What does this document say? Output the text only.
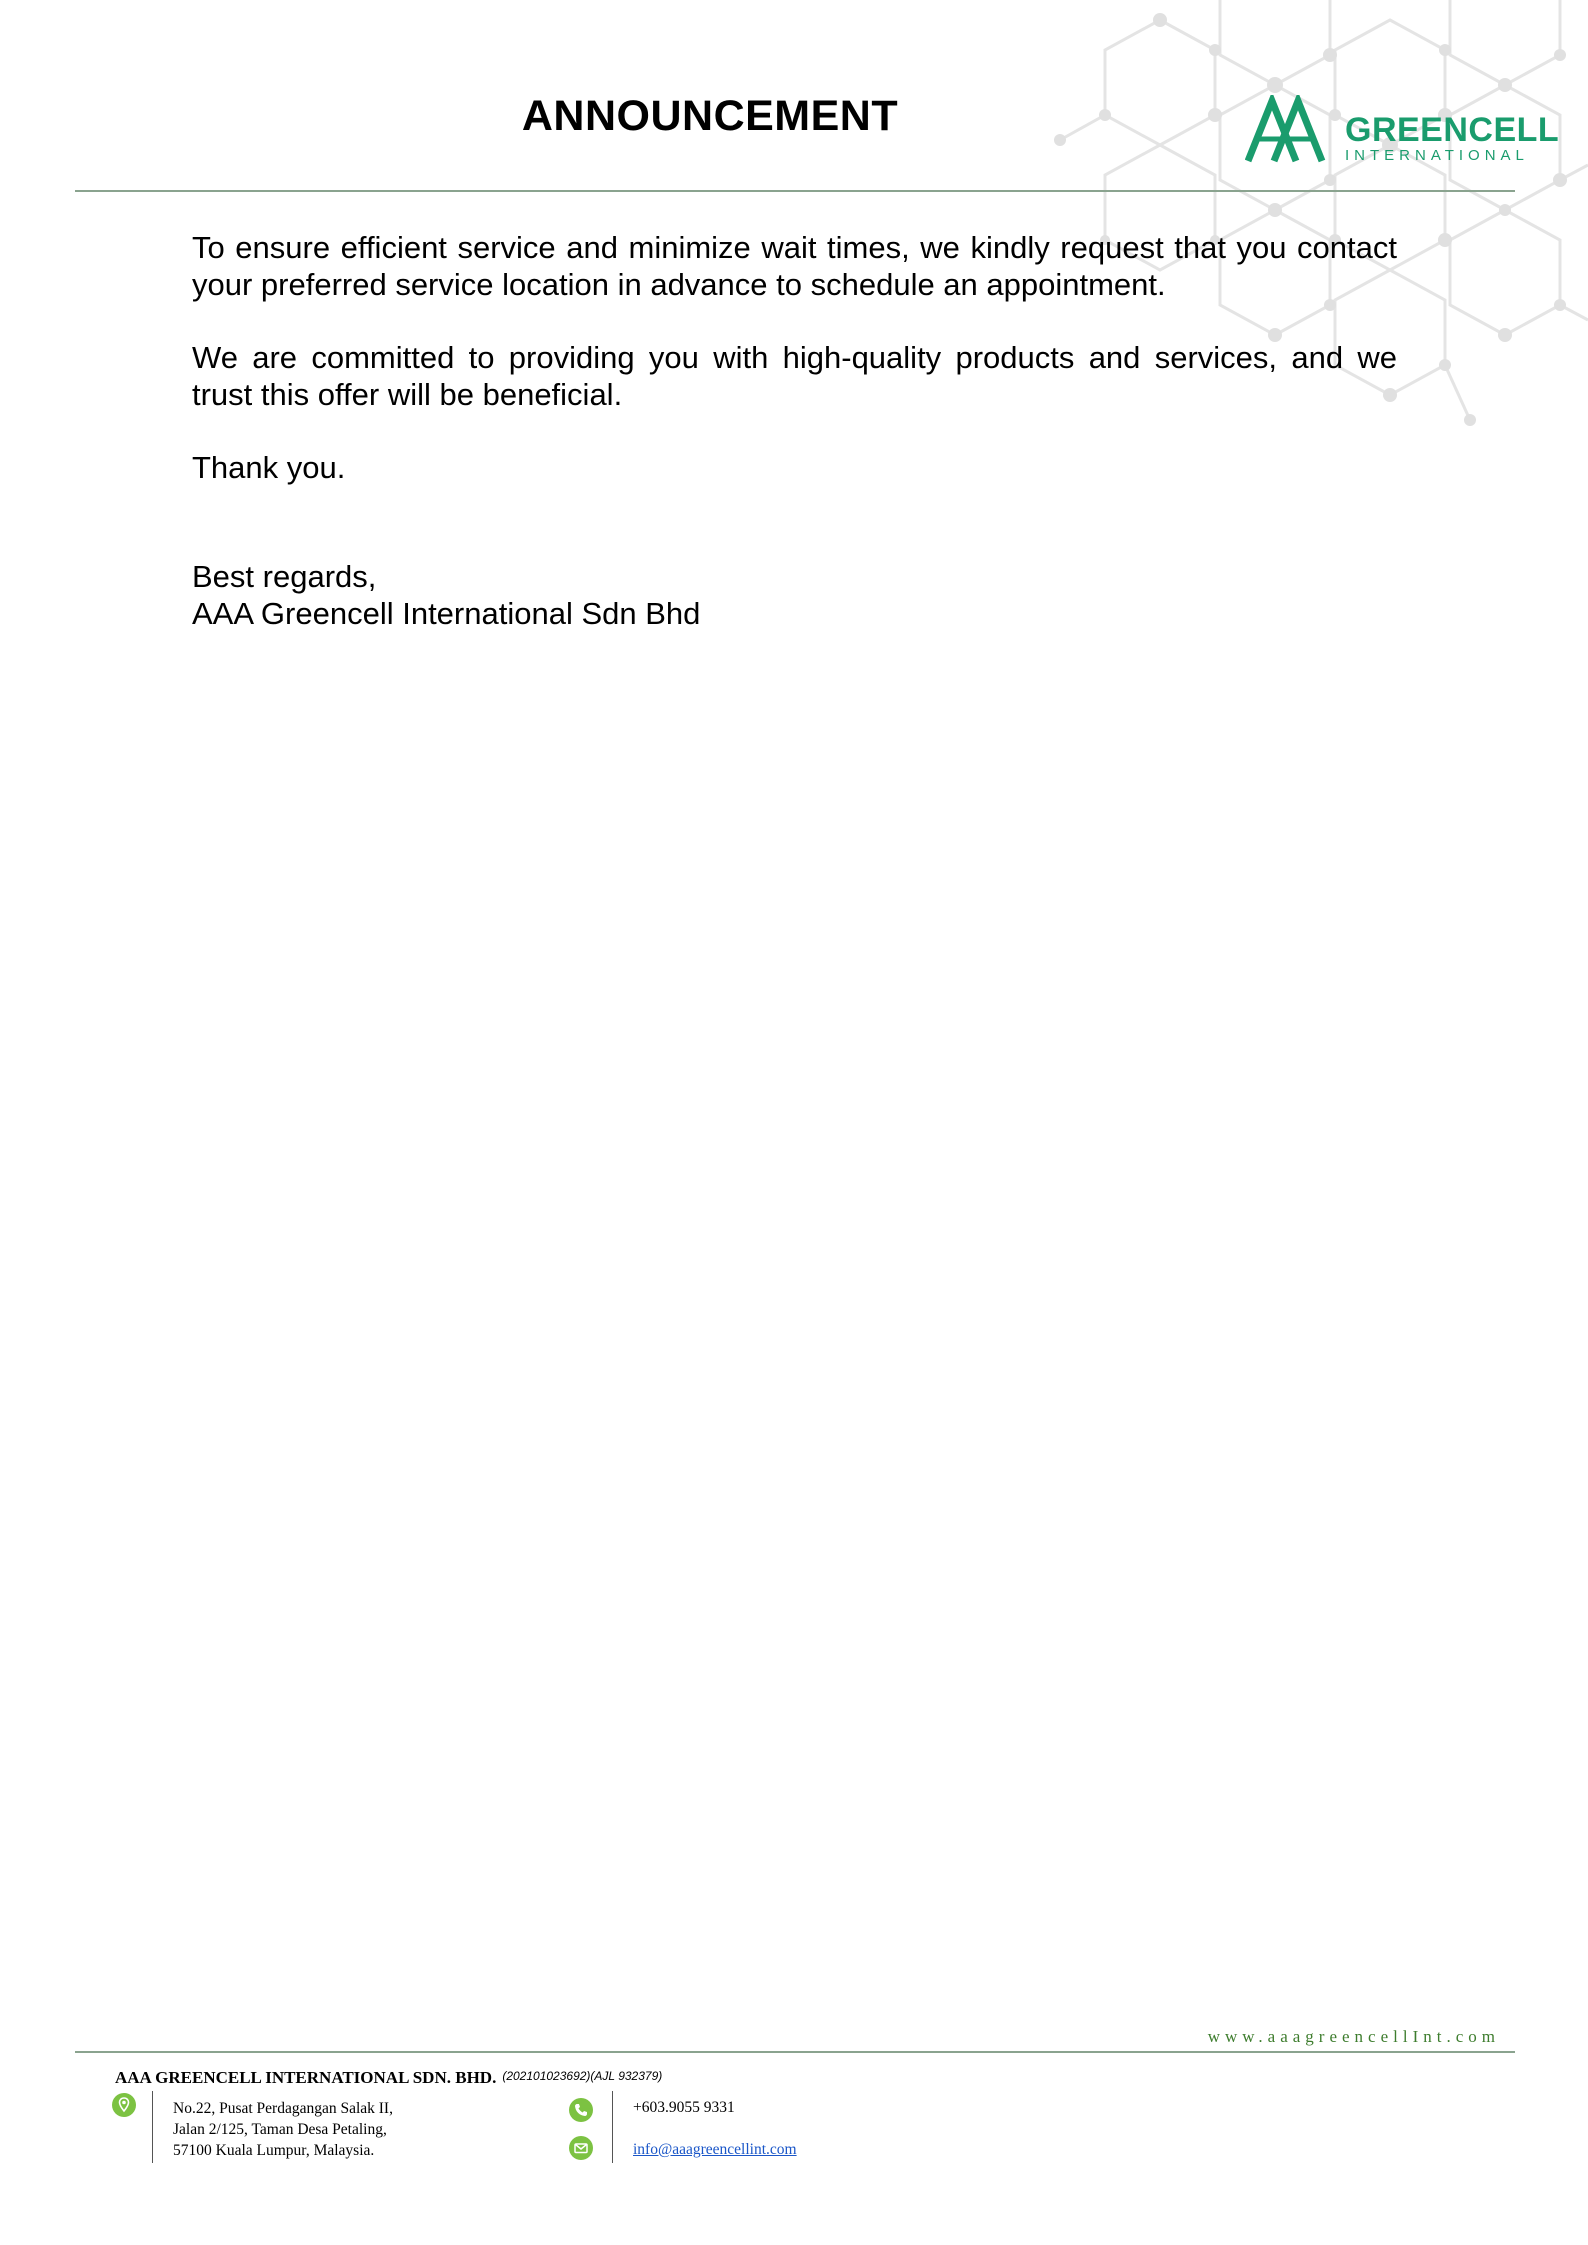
ANNOUNCEMENT	GREENCELL
INTERNATIONAL

To ensure efficient service and minimize wait times, we kindly request that you contact your preferred service location in advance to schedule an appointment.

We are committed to providing you with high-quality products and services, and we trust this offer will be beneficial.

Thank you.

Best regards,
AAA Greencell International Sdn Bhd

www.aaagreencellInt.com
AAA GREENCELL INTERNATIONAL SDN. BHD. (202101023692)(AJL 932379)
No.22, Pusat Perdagangan Salak II,
Jalan 2/125, Taman Desa Petaling,
57100 Kuala Lumpur, Malaysia.
+603.9055 9331
info@aaagreencellint.com
